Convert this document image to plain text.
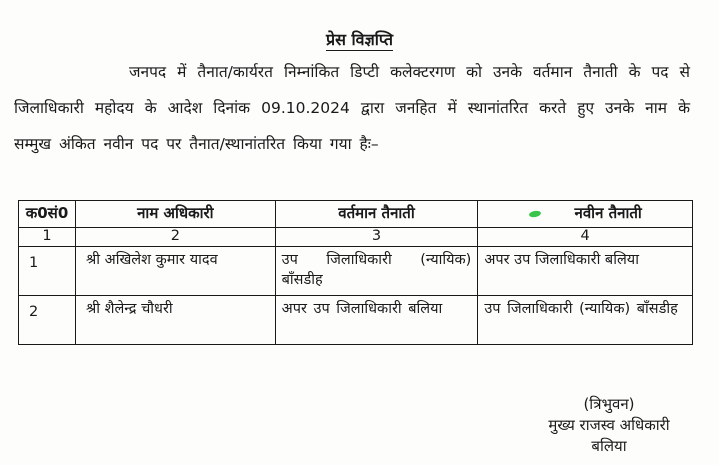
प्रेस विज्ञप्ति
जनपद में तैनात/कार्यरत निम्नांकित डिप्टी कलेक्टरगण को उनके वर्तमान तैनाती के पद से जिलाधिकारी महोदय के आदेश दिनांक 09.10.2024 द्वारा जनहित में स्थानांतरित करते हुए उनके नाम के सम्मुख अंकित नवीन पद पर तैनात/स्थानांतरित किया गया हैः–
क0सं0	नाम अधिकारी	वर्तमान तैनाती	नवीन तैनाती
1	2	3	4
1	श्री अखिलेश कुमार यादव	उप जिलाधिकारी (न्यायिक) बाँसडीह	अपर उप जिलाधिकारी बलिया
2	श्री शैलेन्द्र चौधरी	अपर उप जिलाधिकारी बलिया	उप जिलाधिकारी (न्यायिक) बाँसडीह
(त्रिभुवन)
मुख्य राजस्व अधिकारी
बलिया
